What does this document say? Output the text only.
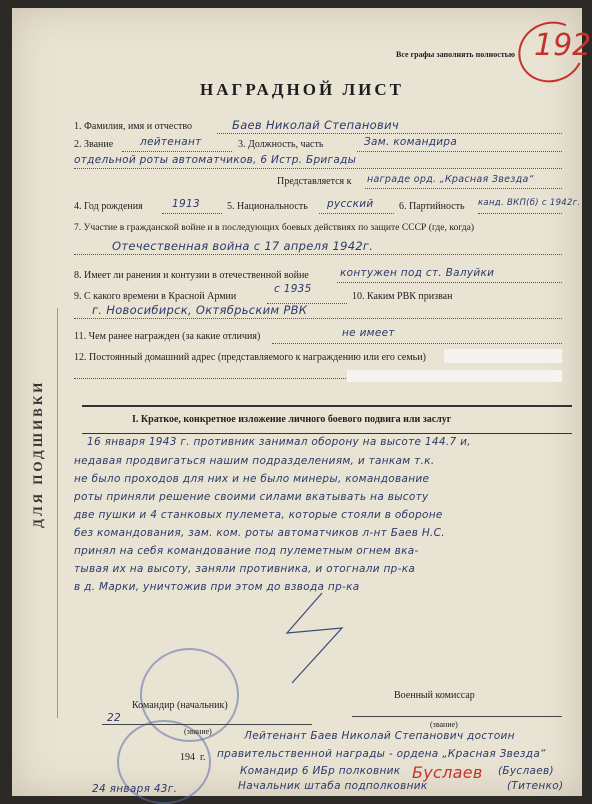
192
Все графы заполнять полностью
НАГРАДНОЙ ЛИСТ
ДЛЯ ПОДШИВКИ
1. Фамилия, имя и отчество	Баев Николай Степанович
2. Звание	лейтенант	3. Должность, часть	Зам. командира
отдельной роты автоматчиков, 6 Истр. Бригады
Представляется к награде орд. „Красная Звезда“
4. Год рождения	1913	5. Национальность русский	6. Партийность канд. ВКП(б) с 1942г.
7. Участие в гражданской войне и в последующих боевых действиях по защите СССР (где, когда)
Отечественная война с 17 апреля 1942г.
8. Имеет ли ранения и контузии в отечественной войне	контужен под ст. Валуйки
9. С какого времени в Красной Армии
с 1935
10. Каким РВК призван
г. Новосибирск, Октябрьским РВК
11. Чем ранее награжден (за какие отличия)	не имеет
12. Постоянный домашний адрес (представляемого к награждению или его семьи)
I. Краткое, конкретное изложение личного боевого подвига или заслуг
16 января 1943 г. противник занимал оборону на высоте 144.7 и,
недавая продвигаться нашим подразделениям, и танкам т.к.
не было проходов для них и не было минеры, командование
роты приняли решение своими силами вкатывать на высоту
две пушки и 4 станковых пулемета, которые стояли в обороне
без командования, зам. ком. роты автоматчиков л-нт Баев Н.С.
принял на себя командование под пулеметным огнем вка-
тывая их на высоту, заняли противника, и отогнали пр-ка
в д. Марки, уничтожив при этом до взвода пр-ка
Командир (начальник)
Военный комиссар
22
(звание)
(звание)
194 г.
Лейтенант Баев Николай Степанович достоин
правительственной награды - ордена „Красная Звезда“
Командир 6 ИБр полковник
Начальник штаба подполковник
Буслаев (Буслаев)
(Титенко)
24 января 43г.
